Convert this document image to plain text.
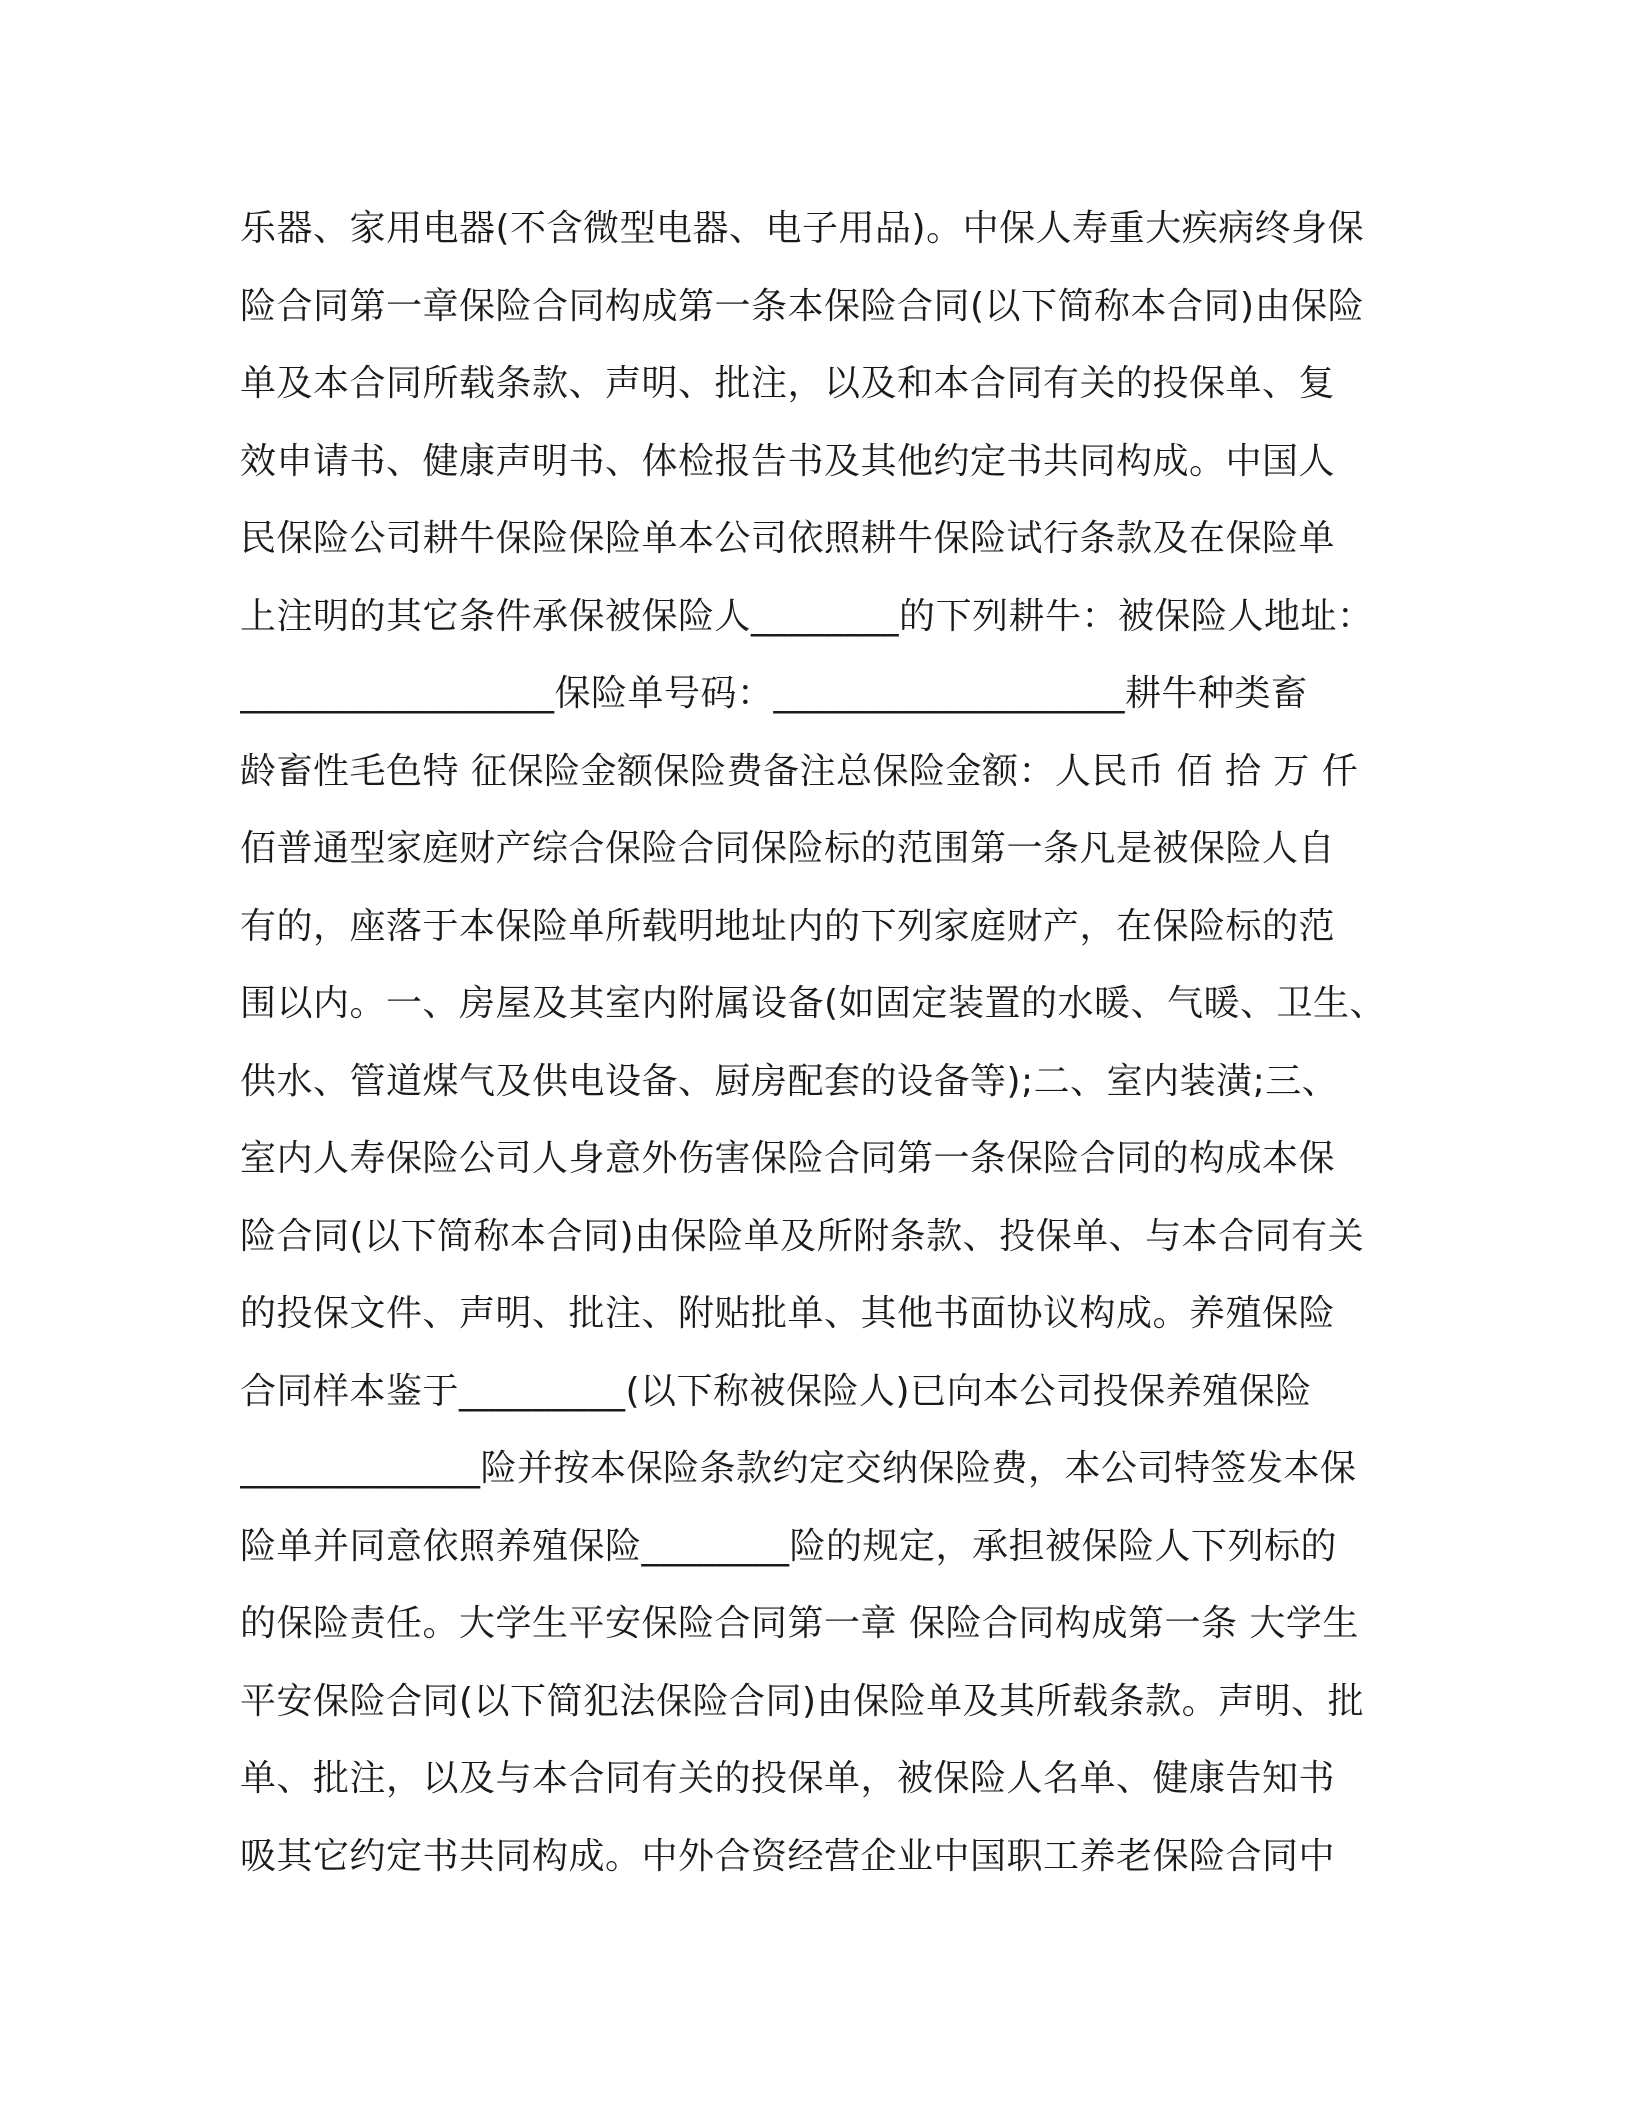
乐器、家用电器(不含微型电器、电子用品)。中保人寿重大疾病终身保
险合同第一章保险合同构成第一条本保险合同(以下简称本合同)由保险
单及本合同所载条款、声明、批注，以及和本合同有关的投保单、复
效申请书、健康声明书、体检报告书及其他约定书共同构成。中国人
民保险公司耕牛保险保险单本公司依照耕牛保险试行条款及在保险单
上注明的其它条件承保被保险人________的下列耕牛：被保险人地址：
_________________保险单号码：___________________耕牛种类畜
龄畜性毛色特 征保险金额保险费备注总保险金额：人民币 佰 拾 万 仟
佰普通型家庭财产综合保险合同保险标的范围第一条凡是被保险人自
有的，座落于本保险单所载明地址内的下列家庭财产，在保险标的范
围以内。一、房屋及其室内附属设备(如固定装置的水暖、气暖、卫生、
供水、管道煤气及供电设备、厨房配套的设备等);二、室内装潢;三、
室内人寿保险公司人身意外伤害保险合同第一条保险合同的构成本保
险合同(以下简称本合同)由保险单及所附条款、投保单、与本合同有关
的投保文件、声明、批注、附贴批单、其他书面协议构成。养殖保险
合同样本鉴于_________(以下称被保险人)已向本公司投保养殖保险
_____________险并按本保险条款约定交纳保险费，本公司特签发本保
险单并同意依照养殖保险________险的规定，承担被保险人下列标的
的保险责任。大学生平安保险合同第一章 保险合同构成第一条 大学生
平安保险合同(以下简犯法保险合同)由保险单及其所载条款。声明、批
单、批注，以及与本合同有关的投保单，被保险人名单、健康告知书
吸其它约定书共同构成。中外合资经营企业中国职工养老保险合同中
